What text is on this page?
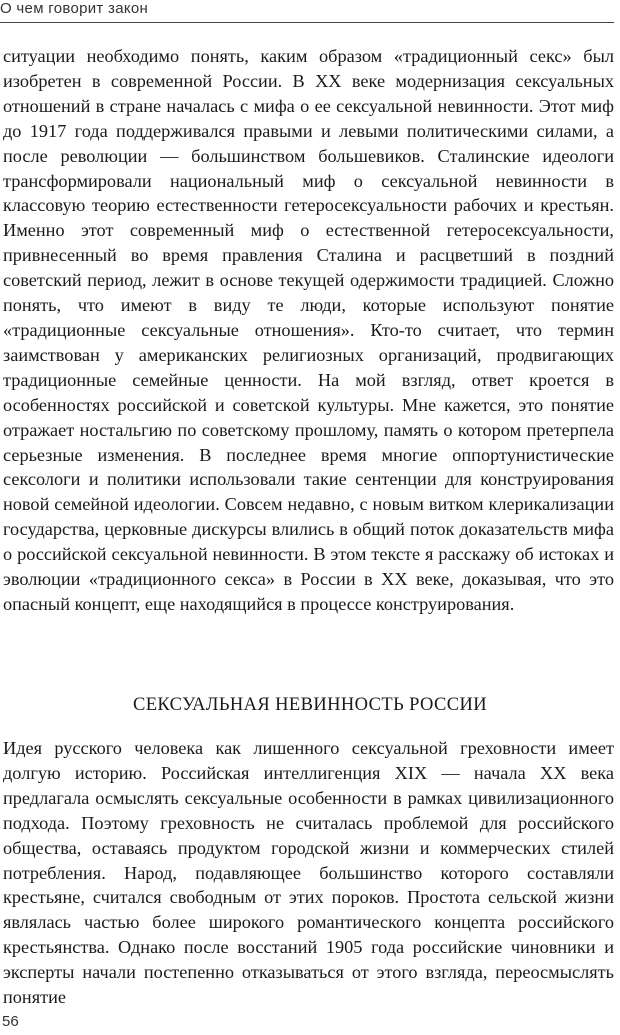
О чем говорит закон
ситуации необходимо понять, каким образом «традиционный секс» был изобретен в современной России. В XX веке модернизация сексуальных отношений в стране началась с мифа о ее сексуальной невинности. Этот миф до 1917 года поддерживался правыми и левыми политическими силами, а после революции — большинством большевиков. Сталинские идеологи трансформировали национальный миф о сексуальной невинности в классовую теорию естественности гетеросексуальности рабочих и крестьян. Именно этот современный миф о естественной гетеросексуальности, привнесенный во время правления Сталина и расцветший в поздний советский период, лежит в основе текущей одержимости традицией. Сложно понять, что имеют в виду те люди, которые используют понятие «традиционные сексуальные отношения». Кто-то считает, что термин заимствован у американских религиозных организаций, продвигающих традиционные семейные ценности. На мой взгляд, ответ кроется в особенностях российской и советской культуры. Мне кажется, это понятие отражает ностальгию по советскому прошлому, память о котором претерпела серьезные изменения. В последнее время многие оппортунистические сексологи и политики использовали такие сентенции для конструирования новой семейной идеологии. Совсем недавно, с новым витком клерикализации государства, церковные дискурсы влились в общий поток доказательств мифа о российской сексуальной невинности. В этом тексте я расскажу об истоках и эволюции «традиционного секса» в России в XX веке, доказывая, что это опасный концепт, еще находящийся в процессе конструирования.
СЕКСУАЛЬНАЯ НЕВИННОСТЬ РОССИИ
Идея русского человека как лишенного сексуальной греховности имеет долгую историю. Российская интеллигенция XIX — начала XX века предлагала осмыслять сексуальные особенности в рамках цивилизационного подхода. Поэтому греховность не считалась проблемой для российского общества, оставаясь продуктом городской жизни и коммерческих стилей потребления. Народ, подавляющее большинство которого составляли крестьяне, считался свободным от этих пороков. Простота сельской жизни являлась частью более широкого романтического концепта российского крестьянства. Однако после восстаний 1905 года российские чиновники и эксперты начали постепенно отказываться от этого взгляда, переосмыслять понятие
56
